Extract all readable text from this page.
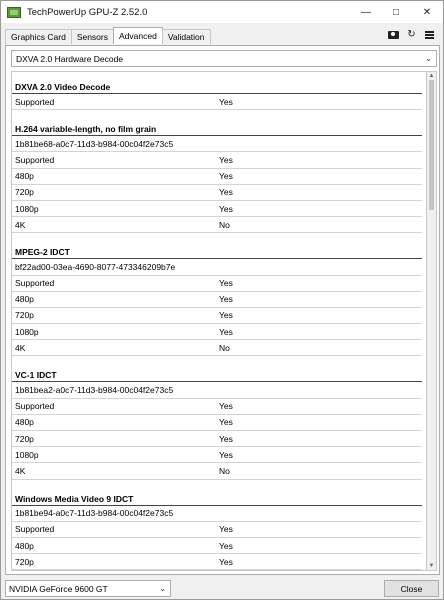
TechPowerUp GPU-Z 2.52.0	—	□	✕
Graphics Card	Sensors	Advanced	Validation	↻
DXVA 2.0 Hardware Decode	⌄
DXVA 2.0 Video Decode
Supported	Yes
H.264 variable-length, no film grain
1b81be68-a0c7-11d3-b984-00c04f2e73c5
Supported	Yes
480p	Yes
720p	Yes
1080p	Yes
4K	No
MPEG-2 IDCT
bf22ad00-03ea-4690-8077-473346209b7e
Supported	Yes
480p	Yes
720p	Yes
1080p	Yes
4K	No
VC-1 IDCT
1b81bea2-a0c7-11d3-b984-00c04f2e73c5
Supported	Yes
480p	Yes
720p	Yes
1080p	Yes
4K	No
Windows Media Video 9 IDCT
1b81be94-a0c7-11d3-b984-00c04f2e73c5
Supported	Yes
480p	Yes
720p	Yes
▲
▼
NVIDIA GeForce 9600 GT	⌄	Close
